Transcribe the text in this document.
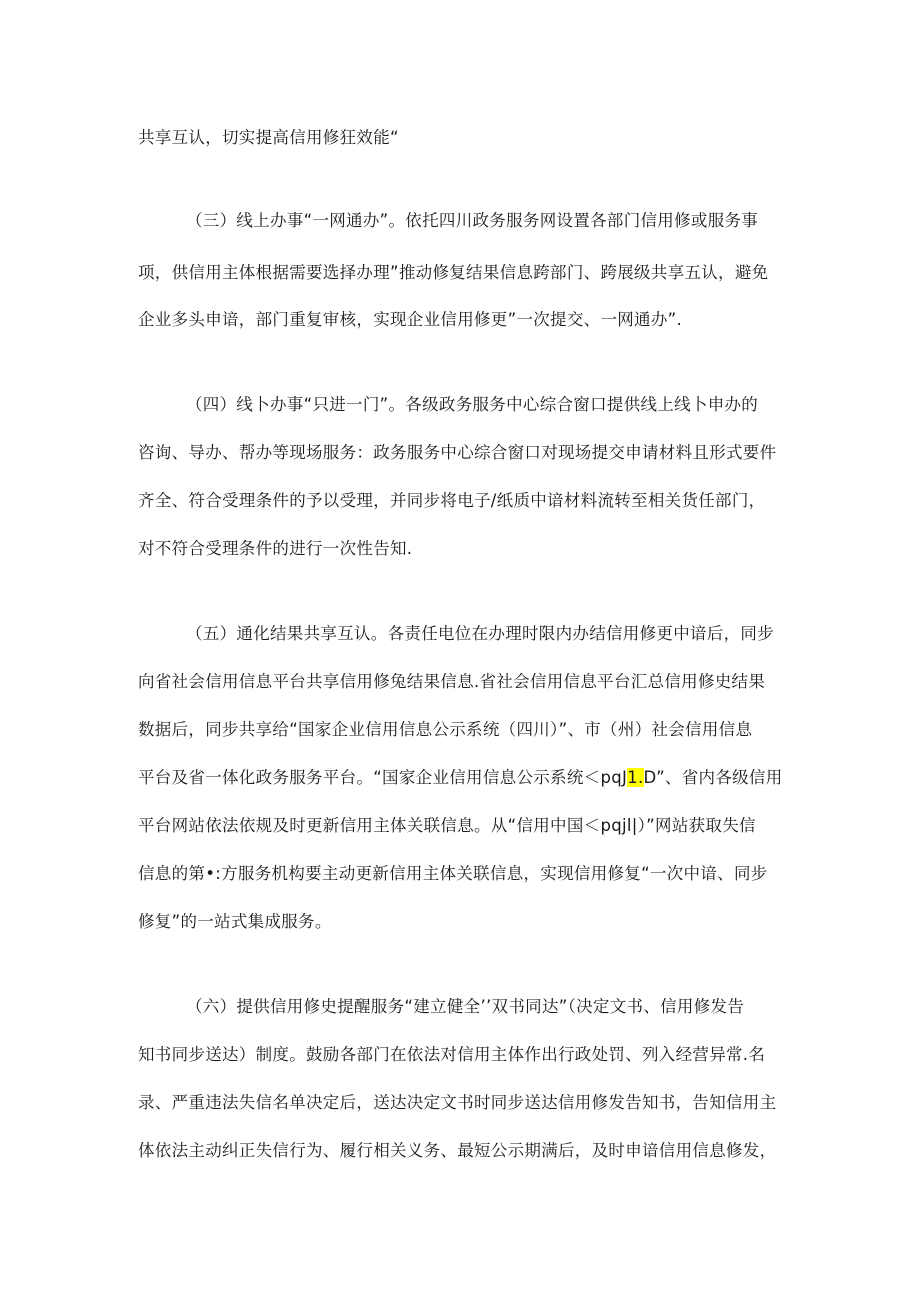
共享互认，切实提高信用修狂效能“
（三）线上办事“一网通办”。依托四川政务服务网设置各部门信用修或服务事
项，供信用主体根据需要选择办理”推动修复结果信息跨部门、跨展级共享五认，避免
企业多头申谙，部门重复审核，实现企业信用修更”一次提交、一网通办”.
（四）线卜办事“只进一门”。各级政务服务中心综合窗口提供线上线卜申办的
咨询、导办、帮办等现场服务：政务服务中心综合窗口对现场提交申请材料且形式要件
齐全、符合受理条件的予以受理，并同步将电子/纸质中谙材料流转至相关货任部门，
对不符合受理条件的进行一次性告知.
（五）通化结果共享互认。各责任电位在办理时限内办结信用修更中谙后，同步
向省社会信用信息平台共享信用修兔结果信息.省社会信用信息平台汇总信用修史结果
数据后，同步共享给“国家企业信用信息公示系统（四川）”、市（州）社会信用信息
平台及省一体化政务服务平台。“国家企业信用信息公示系统＜pqJ1.D”、省内各级信用
平台网站依法依规及时更新信用主体关联信息。从“信用中国＜pqjl|）”网站获取失信
信息的第•:方服务机构要主动更新信用主体关联信息，实现信用修复“一次中谙、同步
修复”的一站式集成服务。
（六）提供信用修史提醒服务“建立健全’’双书同达”（决定文书、信用修发告
知书同步送达）制度。鼓励各部门在依法对信用主体作出行政处罚、列入经营异常.名
录、严重违法失信名单决定后，送达决定文书时同步送达信用修发告知书，告知信用主
体依法主动纠正失信行为、履行相关义务、最短公示期满后，及时申谙信用信息修发，
